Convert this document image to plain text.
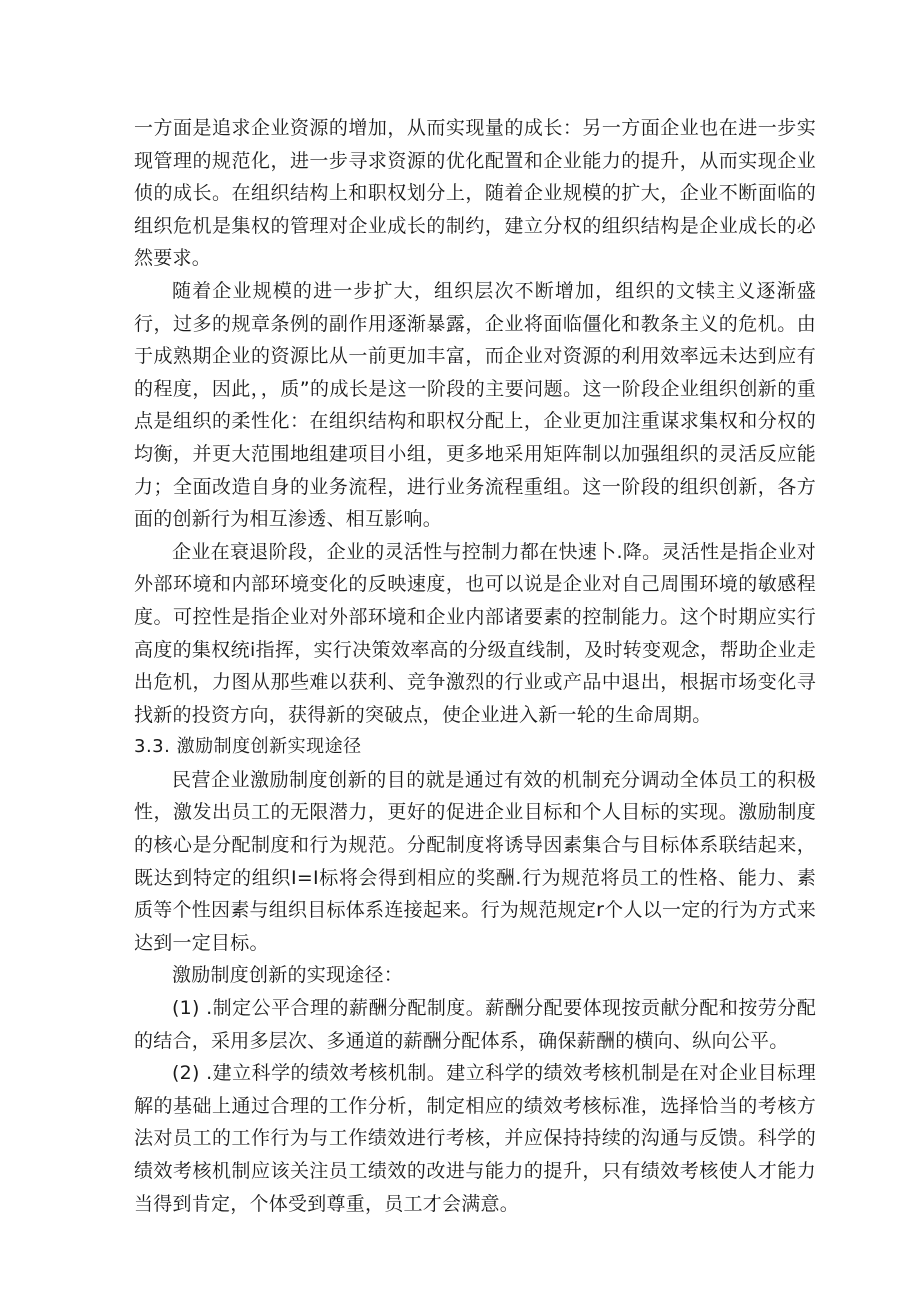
一方面是追求企业资源的增加，从而实现量的成长：另一方面企业也在进一步实现管理的规范化，进一步寻求资源的优化配置和企业能力的提升，从而实现企业侦的成长。在组织结构上和职权划分上，随着企业规模的扩大，企业不断面临的组织危机是集权的管理对企业成长的制约，建立分权的组织结构是企业成长的必然要求。

随着企业规模的进一步扩大，组织层次不断增加，组织的文犊主义逐渐盛行，过多的规章条例的副作用逐渐暴露，企业将面临僵化和教条主义的危机。由于成熟期企业的资源比从一前更加丰富，而企业对资源的利用效率远未达到应有的程度，因此，，质”的成长是这一阶段的主要问题。这一阶段企业组织创新的重点是组织的柔性化：在组织结构和职权分配上，企业更加注重谋求集权和分权的均衡，并更大范围地组建项目小组，更多地采用矩阵制以加强组织的灵活反应能力；全面改造自身的业务流程，进行业务流程重组。这一阶段的组织创新，各方面的创新行为相互渗透、相互影响。

企业在衰退阶段，企业的灵活性与控制力都在快速卜.降。灵活性是指企业对外部环境和内部环境变化的反映速度，也可以说是企业对自己周围环境的敏感程度。可控性是指企业对外部环境和企业内部诸要素的控制能力。这个时期应实行高度的集权统i指挥，实行决策效率高的分级直线制，及时转变观念，帮助企业走出危机，力图从那些难以获利、竞争激烈的行业或产品中退出，根据市场变化寻找新的投资方向，获得新的突破点，使企业进入新一轮的生命周期。

3.3. 激励制度创新实现途径

民营企业激励制度创新的目的就是通过有效的机制充分调动全体员工的积极性，激发出员工的无限潜力，更好的促进企业目标和个人目标的实现。激励制度的核心是分配制度和行为规范。分配制度将诱导因素集合与目标体系联结起来，既达到特定的组织I=I标将会得到相应的奖酬.行为规范将员工的性格、能力、素质等个性因素与组织目标体系连接起来。行为规范规定r个人以一定的行为方式来达到一定目标。

激励制度创新的实现途径：

(1) .制定公平合理的薪酬分配制度。薪酬分配要体现按贡献分配和按劳分配的结合，采用多层次、多通道的薪酬分配体系，确保薪酬的横向、纵向公平。

(2) .建立科学的绩效考核机制。建立科学的绩效考核机制是在对企业目标理解的基础上通过合理的工作分析，制定相应的绩效考核标准，选择恰当的考核方法对员工的工作行为与工作绩效进行考核，并应保持持续的沟通与反馈。科学的绩效考核机制应该关注员工绩效的改进与能力的提升，只有绩效考核使人才能力当得到肯定，个体受到尊重，员工才会满意。
